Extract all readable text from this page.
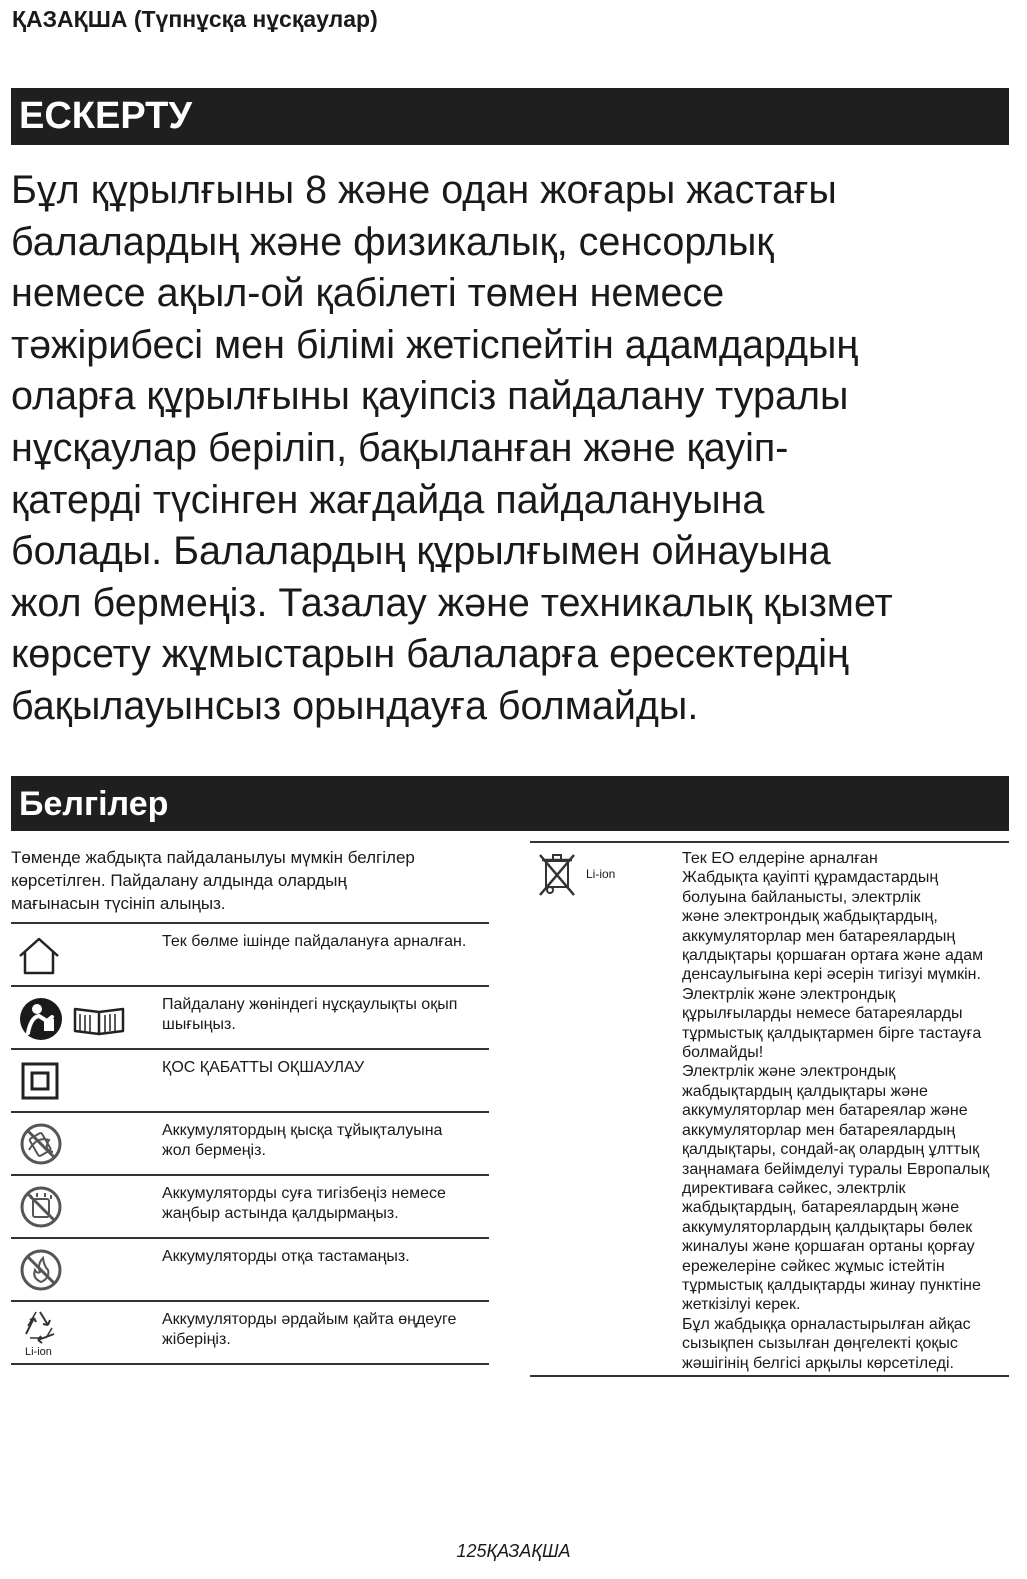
ҚАЗАҚША (Түпнұсқа нұсқаулар)
ЕСКЕРТУ
Бұл құрылғыны 8 және одан жоғары жастағы
балалардың және физикалық, сенсорлық
немесе ақыл-ой қабілеті төмен немесе
тәжірибесі мен білімі жетіспейтін адамдардың
оларға құрылғыны қауіпсіз пайдалану туралы
нұсқаулар беріліп, бақыланған және қауіп-
қатерді түсінген жағдайда пайдалануына
болады. Балалардың құрылғымен ойнауына
жол бермеңіз. Тазалау және техникалық қызмет
көрсету жұмыстарын балаларға ересектердің
бақылауынсыз орындауға болмайды.
Белгілер
Төменде жабдықта пайдаланылуы мүмкін белгілер
көрсетілген. Пайдалану алдында олардың
мағынасын түсініп алыңыз.
Тек бөлме ішінде пайдалануға арналған.
Пайдалану жөніндегі нұсқаулықты оқып
шығыңыз.
ҚОС ҚАБАТТЫ ОҚШАУЛАУ
Аккумулятордың қысқа тұйықталуына
жол бермеңіз.
Аккумуляторды суға тигізбеңіз немесе
жаңбыр астында қалдырмаңыз.
Аккумуляторды отқа тастамаңыз.
Li-ion
Аккумуляторды әрдайым қайта өңдеуге
жіберіңіз.
Li-ion
Тек ЕО елдеріне арналған
Жабдықта қауіпті құрамдастардың
болуына байланысты, электрлік
және электрондық жабдықтардың,
аккумуляторлар мен батареялардың
қалдықтары қоршаған ортаға және адам
денсаулығына кері әсерін тигізуі мүмкін.
Электрлік және электрондық
құрылғыларды немесе батареяларды
тұрмыстық қалдықтармен бірге тастауға
болмайды!
Электрлік және электрондық
жабдықтардың қалдықтары және
аккумуляторлар мен батареялар және
аккумуляторлар мен батареялардың
қалдықтары, сондай-ақ олардың ұлттық
заңнамаға бейімделуі туралы Европалық
директиваға сәйкес, электрлік
жабдықтардың, батареялардың және
аккумуляторлардың қалдықтары бөлек
жиналуы және қоршаған ортаны қорғау
ережелеріне сәйкес жұмыс істейтін
тұрмыстық қалдықтарды жинау пунктіне
жеткізілуі керек.
Бұл жабдыққа орналастырылған айқас
сызықпен сызылған дөңгелекті қоқыс
жәшігінің белгісі арқылы көрсетіледі.
125ҚАЗАҚША
